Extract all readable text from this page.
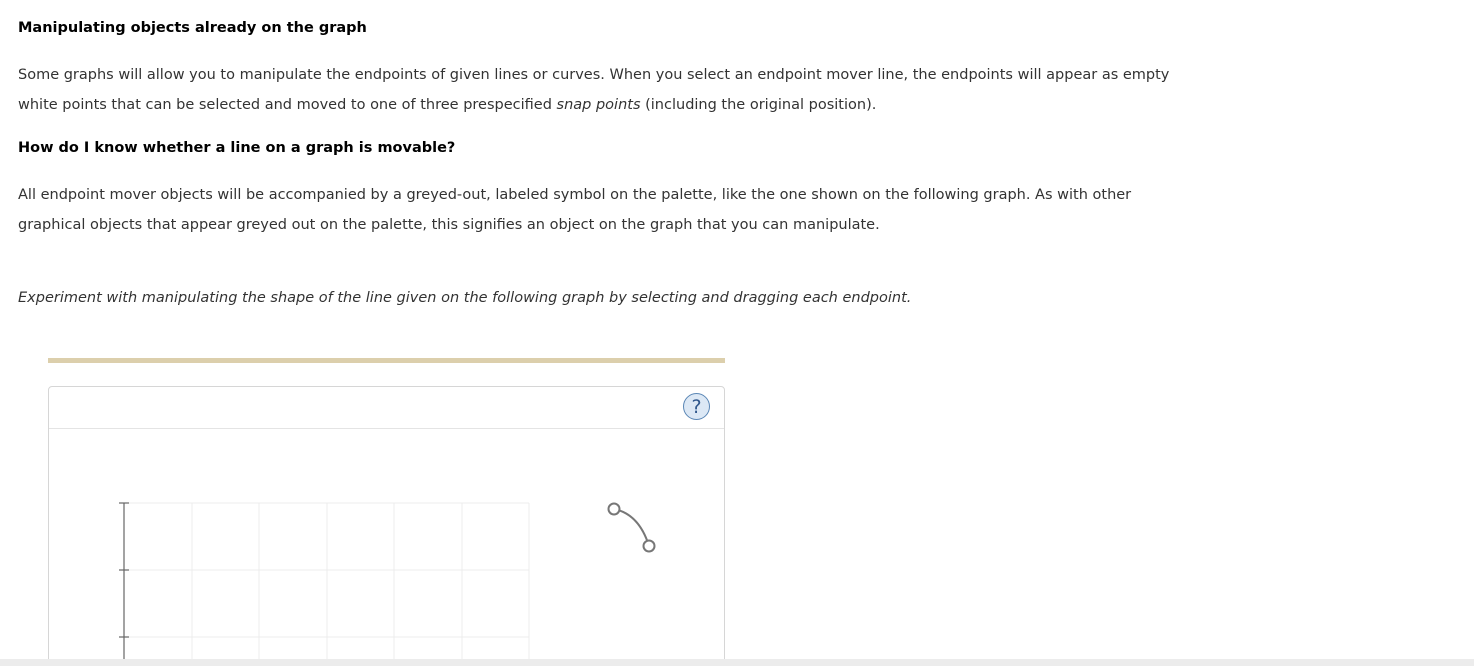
Manipulating objects already on the graph

Some graphs will allow you to manipulate the endpoints of given lines or curves. When you select an endpoint mover line, the endpoints will appear as empty white points that can be selected and moved to one of three prespecified snap points (including the original position).

How do I know whether a line on a graph is movable?

All endpoint mover objects will be accompanied by a greyed-out, labeled symbol on the palette, like the one shown on the following graph. As with other graphical objects that appear greyed out on the palette, this signifies an object on the graph that you can manipulate.

Experiment with manipulating the shape of the line given on the following graph by selecting and dragging each endpoint.

?
